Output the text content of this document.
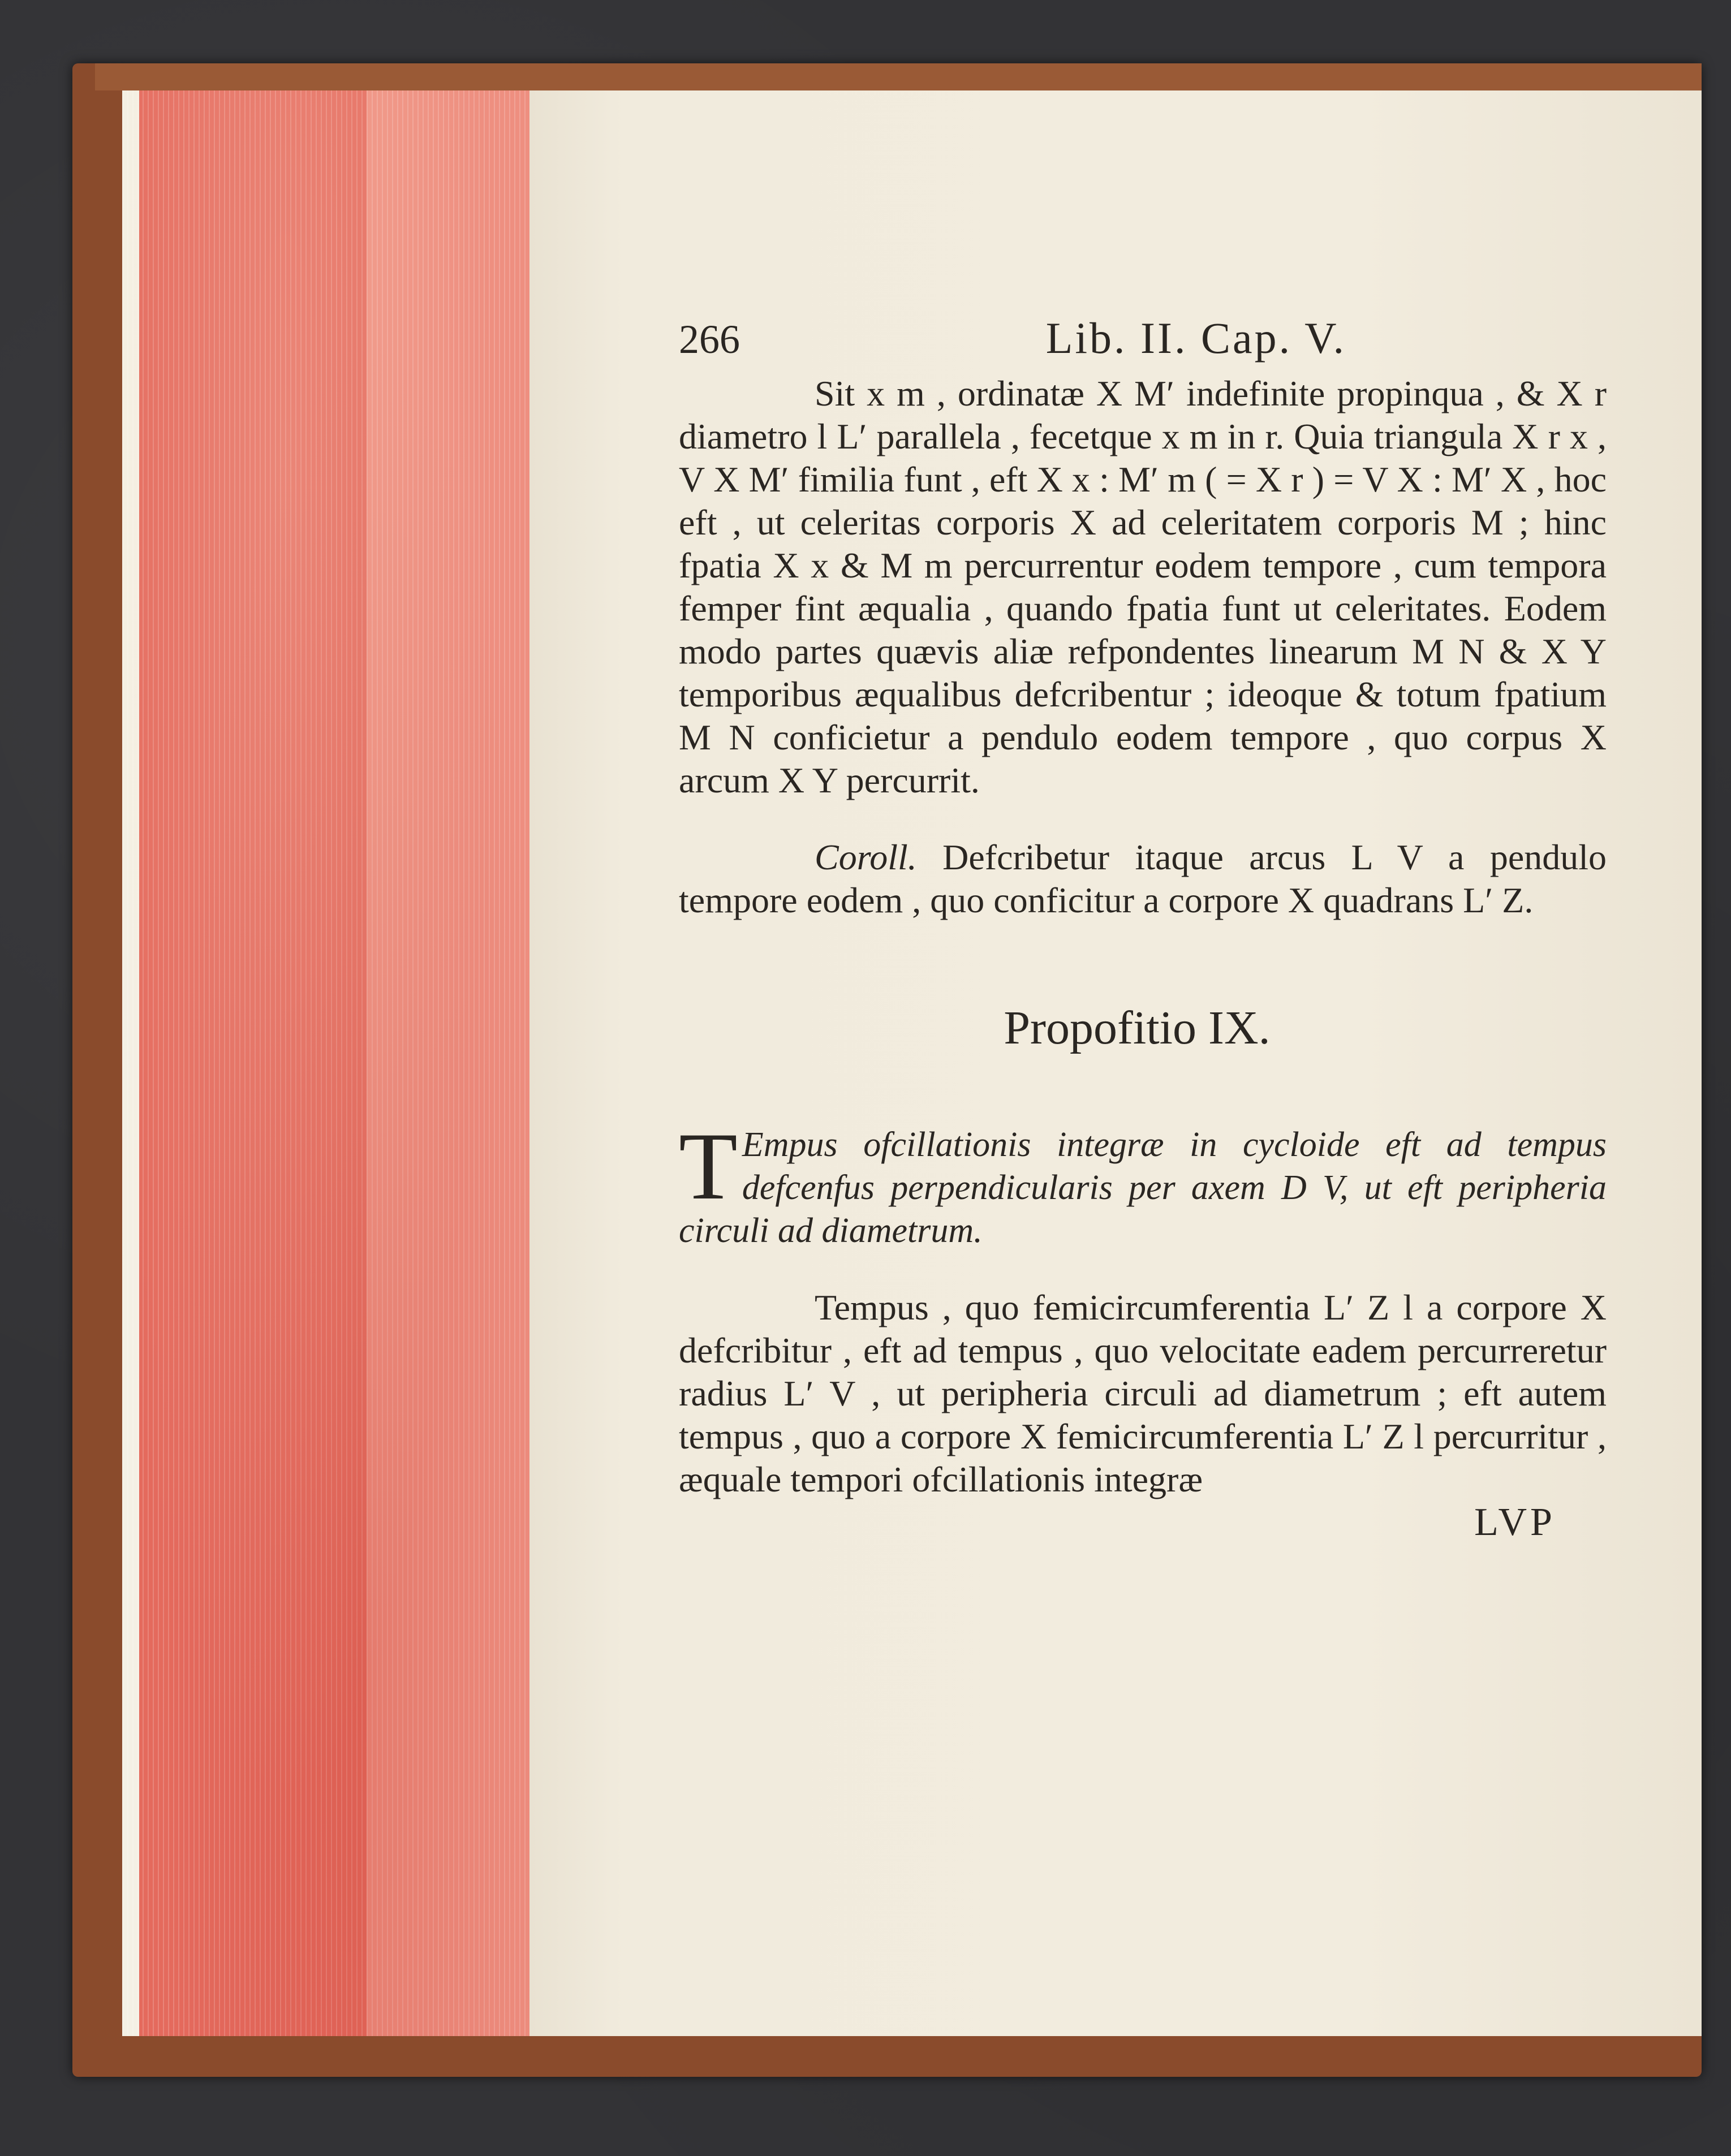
266	Lib. II. Cap. V.

Sit x m , ordinatæ X M′ indefinite propinqua , & X r diametro l L′ parallela , fecetque x m in r. Quia triangula X r x , V X M′ fimilia funt , eft X x : M′ m ( = X r ) = V X : M′ X , hoc eft , ut celeritas corporis X ad celeritatem corporis M ; hinc fpatia X x & M m percurrentur eodem tempore , cum tempora femper fint æqualia , quando fpatia funt ut celeritates. Eodem modo partes quævis aliæ refpondentes linearum M N & X Y temporibus æqualibus defcribentur ; ideoque & totum fpatium M N conficietur a pendulo eodem tempore , quo corpus X arcum X Y percurrit.

Coroll. Defcribetur itaque arcus L V a pendulo tempore eodem , quo conficitur a corpore X quadrans L′ Z.

Propofitio IX.
T Empus ofcillationis integræ in cycloide eft ad tempus defcenfus perpendicularis per axem D V, ut eft peripheria circuli ad diametrum.

Tempus , quo femicircumferentia L′ Z l a corpore X defcribitur , eft ad tempus , quo velocitate eadem percurreretur radius L′ V , ut peripheria circuli ad diametrum ; eft autem tempus , quo a corpore X femicircumferentia L′ Z l percurritur , æquale tempori ofcillationis integræ

LVP
